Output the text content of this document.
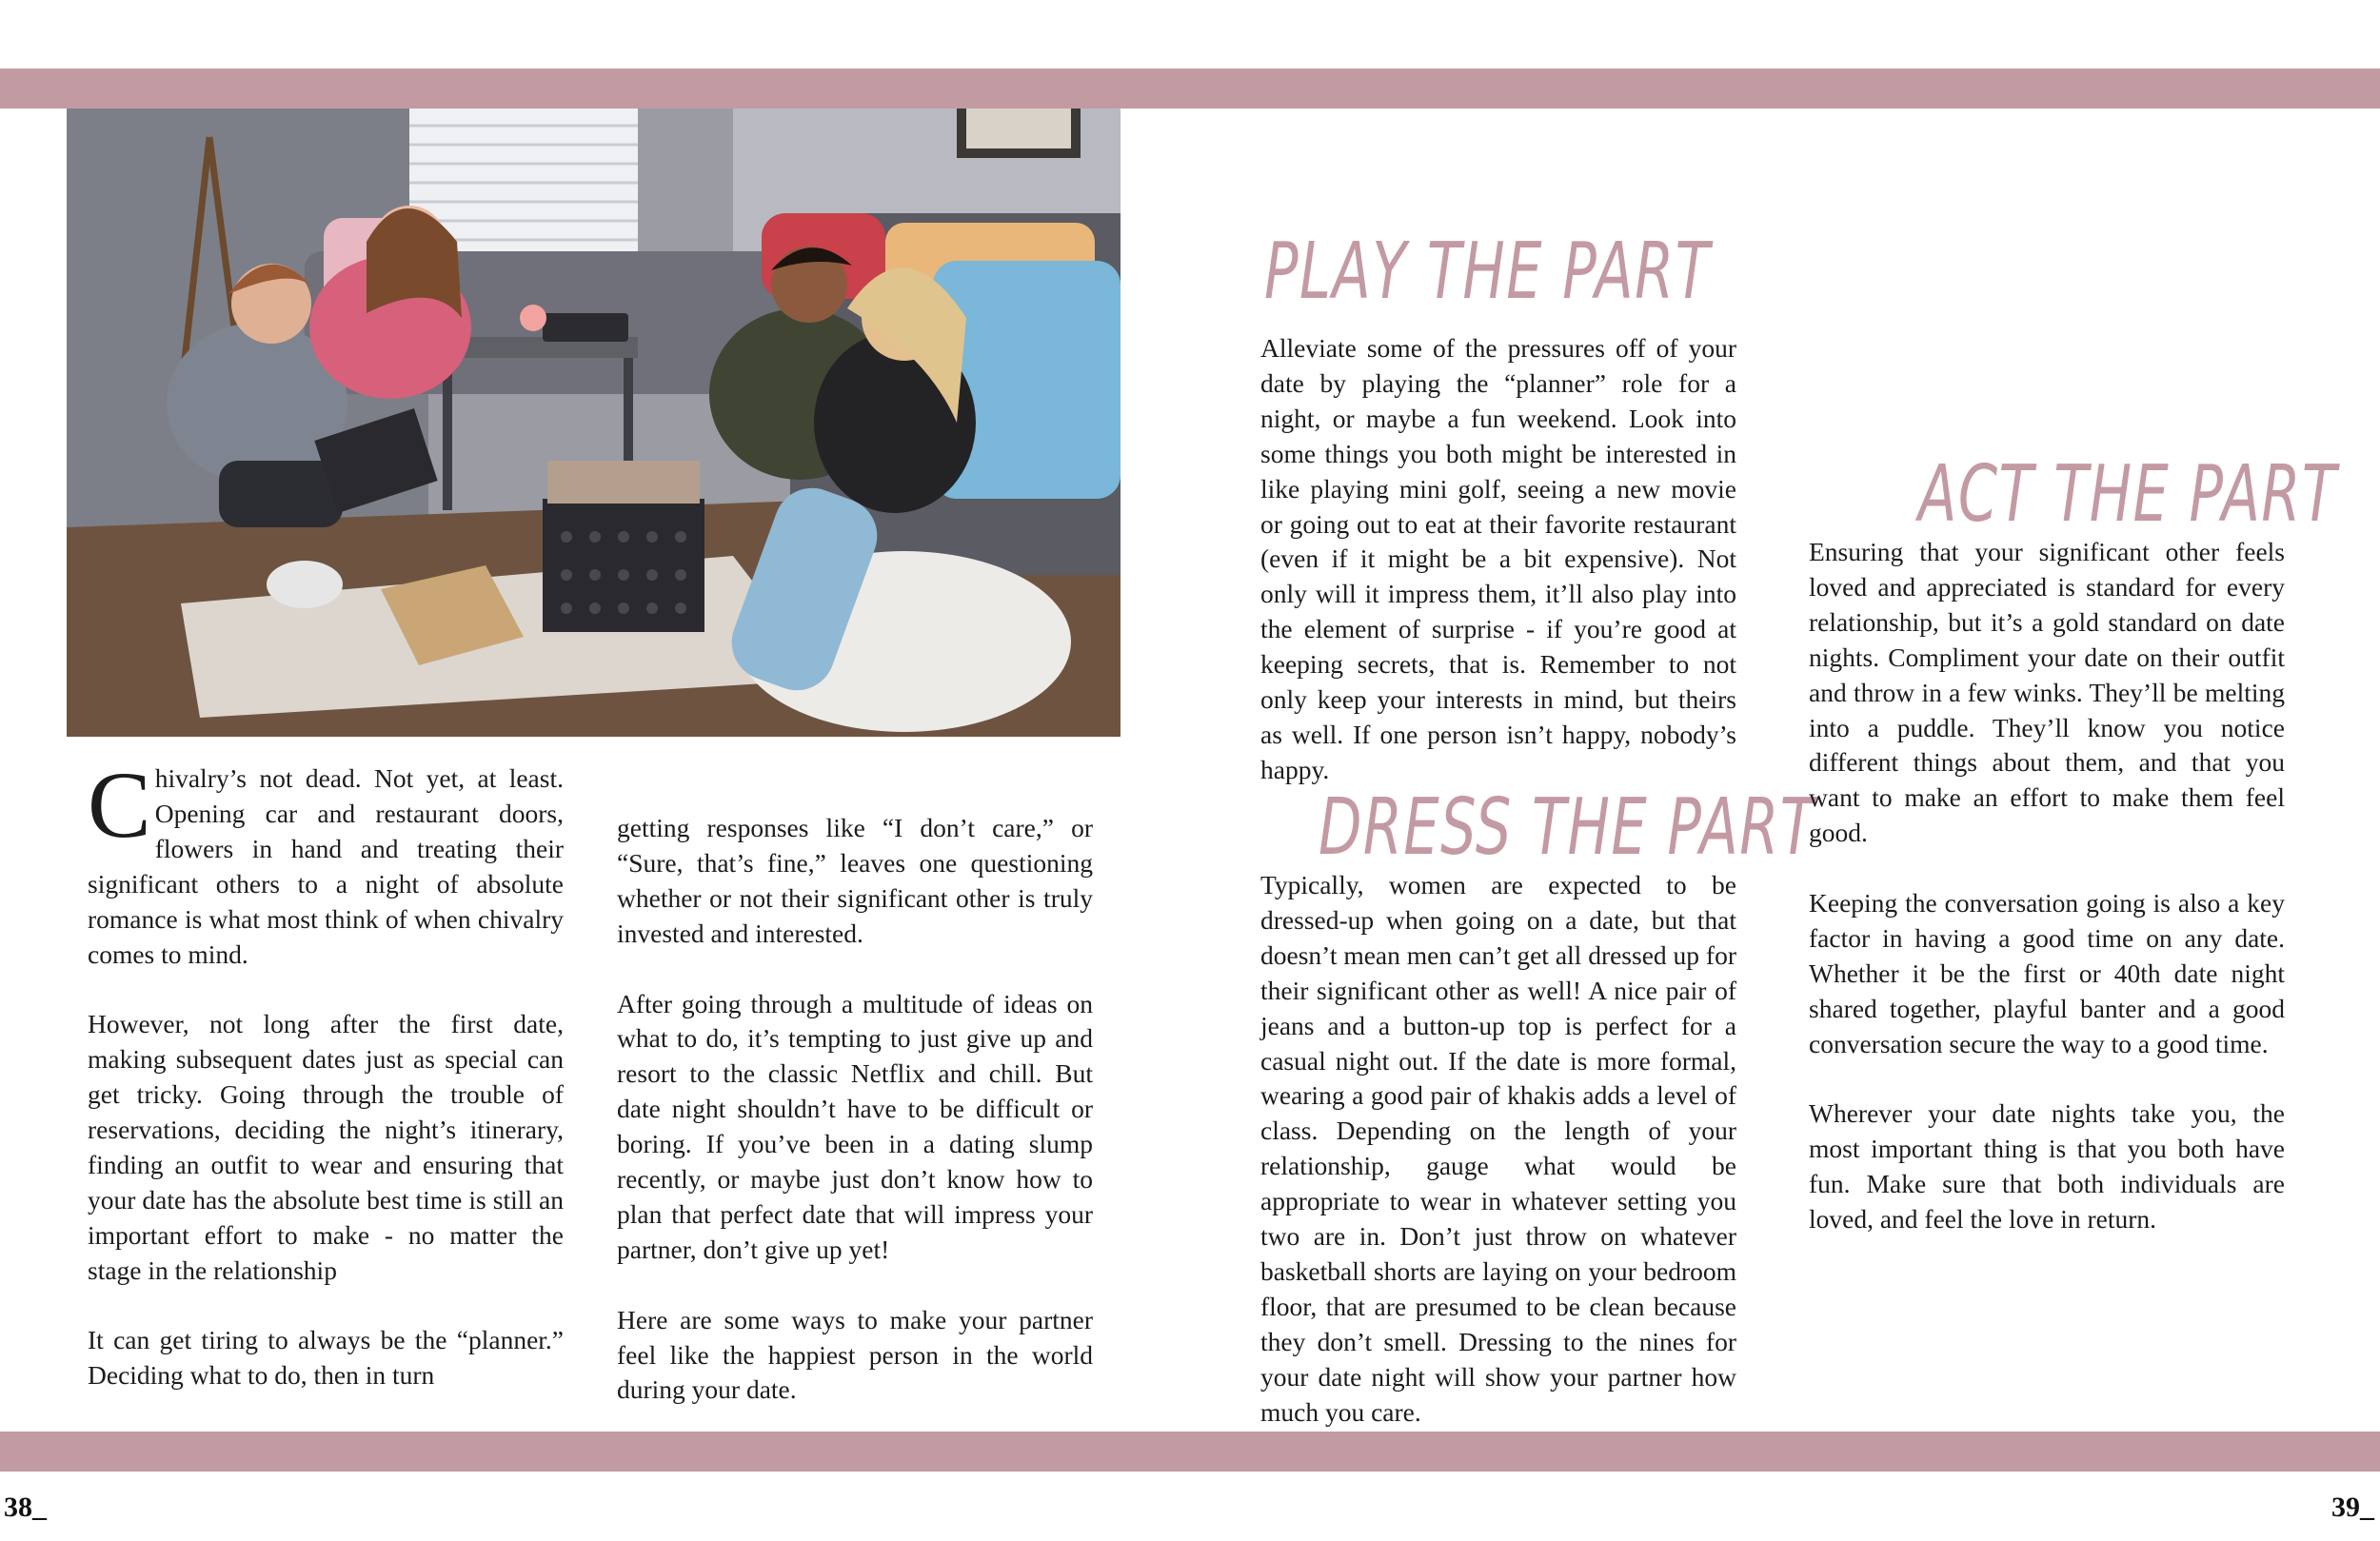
Chivalry’s not dead. Not yet, at least. Opening car and restaurant doors, flowers in hand and treating their significant others to a night of absolute romance is what most think of when chivalry comes to mind.

However, not long after the first date, making subsequent dates just as special can get tricky. Going through the trouble of reservations, deciding the night’s itinerary, finding an outfit to wear and ensuring that your date has the absolute best time is still an important effort to make - no matter the stage in the relationship

It can get tiring to always be the “planner.” Deciding what to do, then in turn

getting responses like “I don’t care,” or “Sure, that’s fine,” leaves one questioning whether or not their significant other is truly invested and interested.

After going through a multitude of ideas on what to do, it’s tempting to just give up and resort to the classic Netflix and chill. But date night shouldn’t have to be difficult or boring. If you’ve been in a dating slump recently, or maybe just don’t know how to plan that perfect date that will impress your partner, don’t give up yet!

Here are some ways to make your partner feel like the happiest person in the world during your date.

PLAY THE PART

Alleviate some of the pressures off of your date by playing the “planner” role for a night, or maybe a fun weekend. Look into some things you both might be interested in like playing mini golf, seeing a new movie or going out to eat at their favorite restaurant (even if it might be a bit expensive). Not only will it impress them, it’ll also play into the element of surprise - if you’re good at keeping secrets, that is. Remember to not only keep your interests in mind, but theirs as well. If one person isn’t happy, nobody’s happy.

DRESS THE PART

Typically, women are expected to be dressed-up when going on a date, but that doesn’t mean men can’t get all dressed up for their significant other as well! A nice pair of jeans and a button-up top is perfect for a casual night out. If the date is more formal, wearing a good pair of khakis adds a level of class. Depending on the length of your relationship, gauge what would be appropriate to wear in whatever setting you two are in. Don’t just throw on whatever basketball shorts are laying on your bedroom floor, that are presumed to be clean because they don’t smell. Dressing to the nines for your date night will show your partner how much you care.

ACT THE PART

Ensuring that your significant other feels loved and appreciated is standard for every relationship, but it’s a gold standard on date nights. Compliment your date on their outfit and throw in a few winks. They’ll be melting into a puddle. They’ll know you notice different things about them, and that you want to make an effort to make them feel good.

Keeping the conversation going is also a key factor in having a good time on any date. Whether it be the first or 40th date night shared together, playful banter and a good conversation secure the way to a good time.

Wherever your date nights take you, the most important thing is that you both have fun. Make sure that both individuals are loved, and feel the love in return.

38_	39_
